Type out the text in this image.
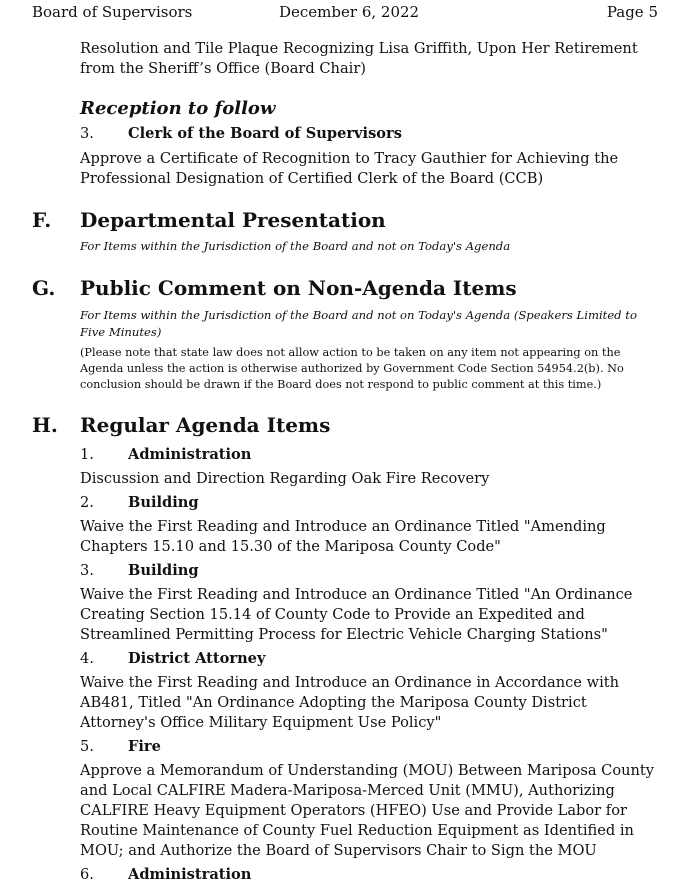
Board of Supervisors	December 6, 2022	Page 5

Resolution and Tile Plaque Recognizing Lisa Griffith, Upon Her Retirement from the Sheriff’s Office (Board Chair)

Reception to follow

3. Clerk of the Board of Supervisors

Approve a Certificate of Recognition to Tracy Gauthier for Achieving the Professional Designation of Certified Clerk of the Board (CCB)

F. Departmental Presentation

For Items within the Jurisdiction of the Board and not on Today's Agenda

G. Public Comment on Non-Agenda Items

For Items within the Jurisdiction of the Board and not on Today's Agenda (Speakers Limited to Five Minutes)

(Please note that state law does not allow action to be taken on any item not appearing on the Agenda unless the action is otherwise authorized by Government Code Section 54954.2(b). No conclusion should be drawn if the Board does not respond to public comment at this time.)

H. Regular Agenda Items
1. Administration

Discussion and Direction Regarding Oak Fire Recovery

2. Building

Waive the First Reading and Introduce an Ordinance Titled "Amending Chapters 15.10 and 15.30 of the Mariposa County Code"

3. Building

Waive the First Reading and Introduce an Ordinance Titled "An Ordinance Creating Section 15.14 of County Code to Provide an Expedited and Streamlined Permitting Process for Electric Vehicle Charging Stations"

4. District Attorney

Waive the First Reading and Introduce an Ordinance in Accordance with AB481, Titled "An Ordinance Adopting the Mariposa County District Attorney's Office Military Equipment Use Policy"

5. Fire

Approve a Memorandum of Understanding (MOU) Between Mariposa County and Local CALFIRE Madera-Mariposa-Merced Unit (MMU), Authorizing CALFIRE Heavy Equipment Operators (HFEO) Use and Provide Labor for Routine Maintenance of County Fuel Reduction Equipment as Identified in MOU; and Authorize the Board of Supervisors Chair to Sign the MOU

6. Administration
